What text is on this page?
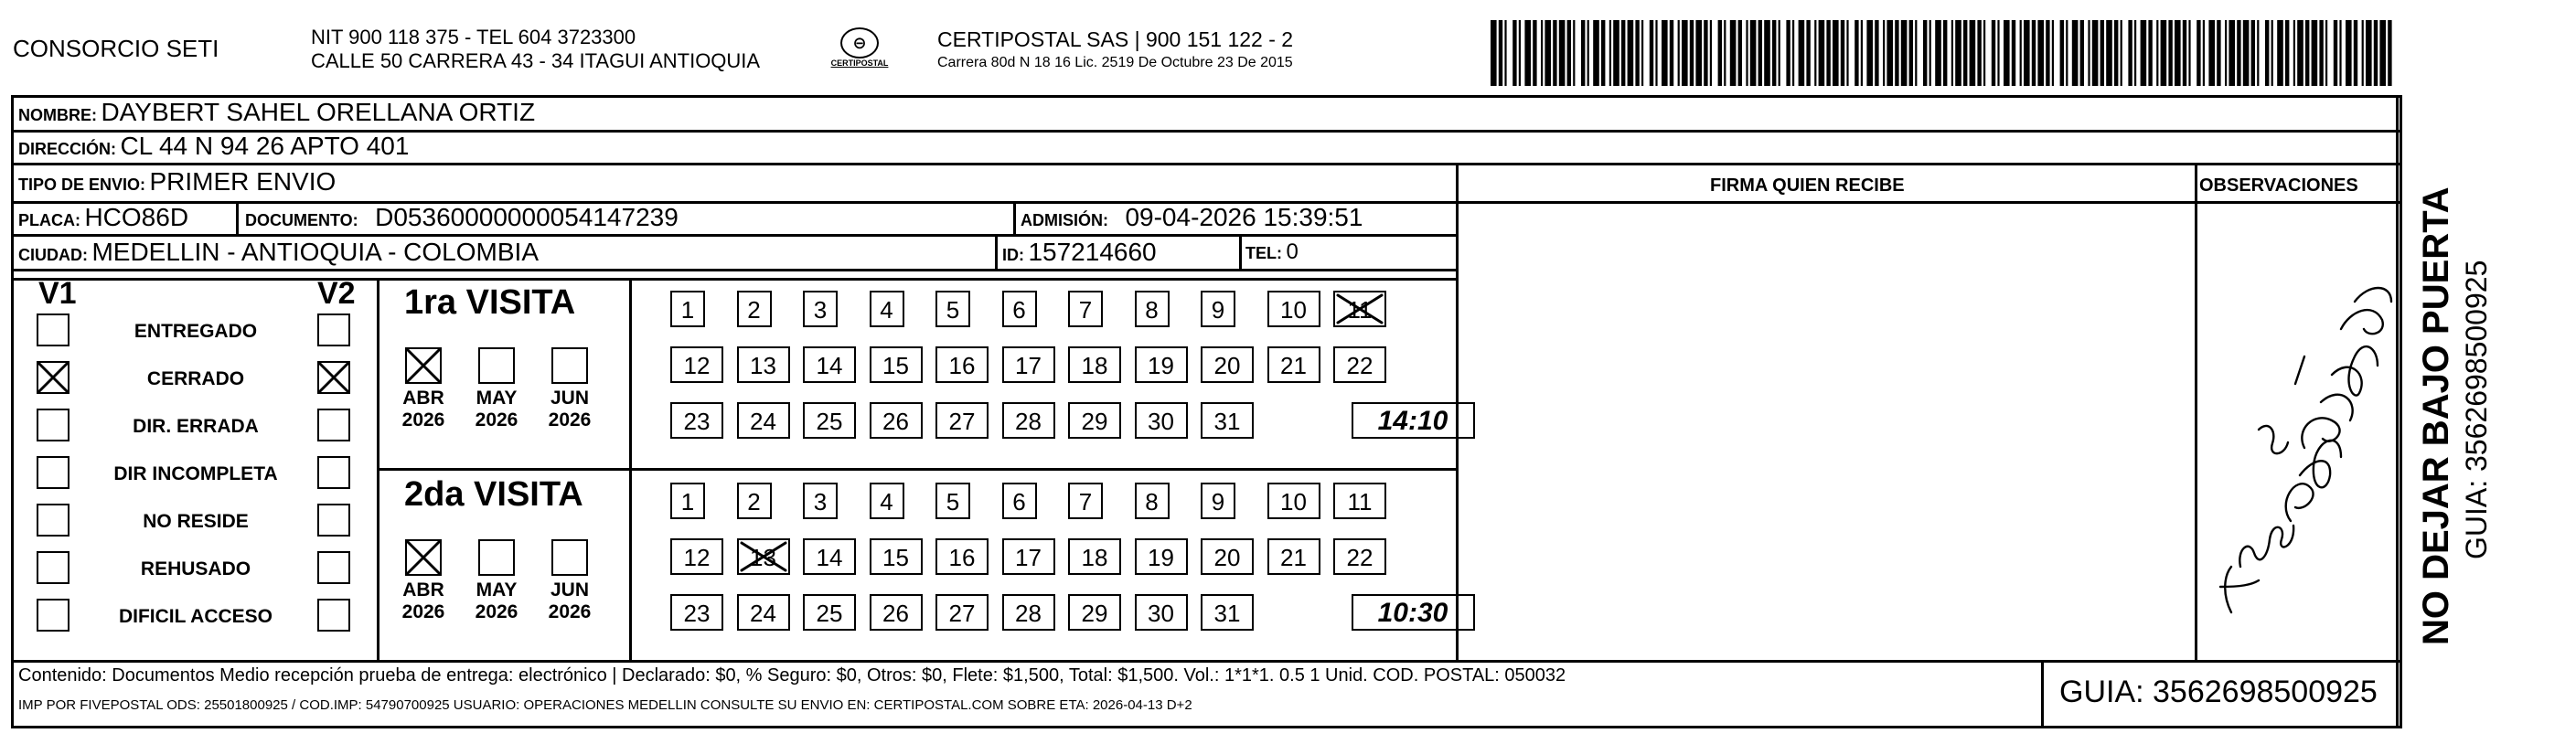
CONSORCIO SETI	NIT 900 118 375 - TEL 604 3723300
CALLE 50 CARRERA 43 - 34 ITAGUI ANTIOQUIA
⊖
CERTIPOSTAL
CERTIPOSTAL SAS | 900 151 122 - 2
Carrera 80d N 18 16 Lic. 2519 De Octubre 23 De 2015
NOMBRE: DAYBERT SAHEL ORELLANA ORTIZ
DIRECCIÓN: CL 44 N 94 26 APTO 401
TIPO DE ENVIO: PRIMER ENVIO	FIRMA QUIEN RECIBE	OBSERVACIONES
PLACA: HCO86D	DOCUMENTO: D05360000000054147239	ADMISIÓN: 09-04-2026 15:39:51
CIUDAD: MEDELLIN - ANTIOQUIA - COLOMBIA	ID: 157214660	TEL: 0
V1	V2
ENTREGADO
CERRADO
DIR. ERRADA
DIR INCOMPLETA
NO RESIDE
REHUSADO
DIFICIL ACCESO
1ra VISITA
2da VISITA
ABR
2026
MAY
2026
JUN
2026
ABR
2026
MAY
2026
JUN
2026
1	2	3	4	5	6	7	8	9	10	11
12	13	14	15	16	17	18	19	20	21	22
23	24	25	26	27	28	29	30	31	14:10
1	2	3	4	5	6	7	8	9	10	11
12	13	14	15	16	17	18	19	20	21	22
23	24	25	26	27	28	29	30	31	10:30	NO DEJAR BAJO PUERTA GUIA: 3562698500925
Contenido: Documentos Medio recepción prueba de entrega: electrónico | Declarado: $0, % Seguro: $0, Otros: $0, Flete: $1,500, Total: $1,500. Vol.: 1*1*1. 0.5 1 Unid. COD. POSTAL: 050032
IMP POR FIVEPOSTAL ODS: 25501800925 / COD.IMP: 54790700925 USUARIO: OPERACIONES MEDELLIN CONSULTE SU ENVIO EN: CERTIPOSTAL.COM SOBRE ETA: 2026-04-13 D+2	GUIA: 3562698500925
